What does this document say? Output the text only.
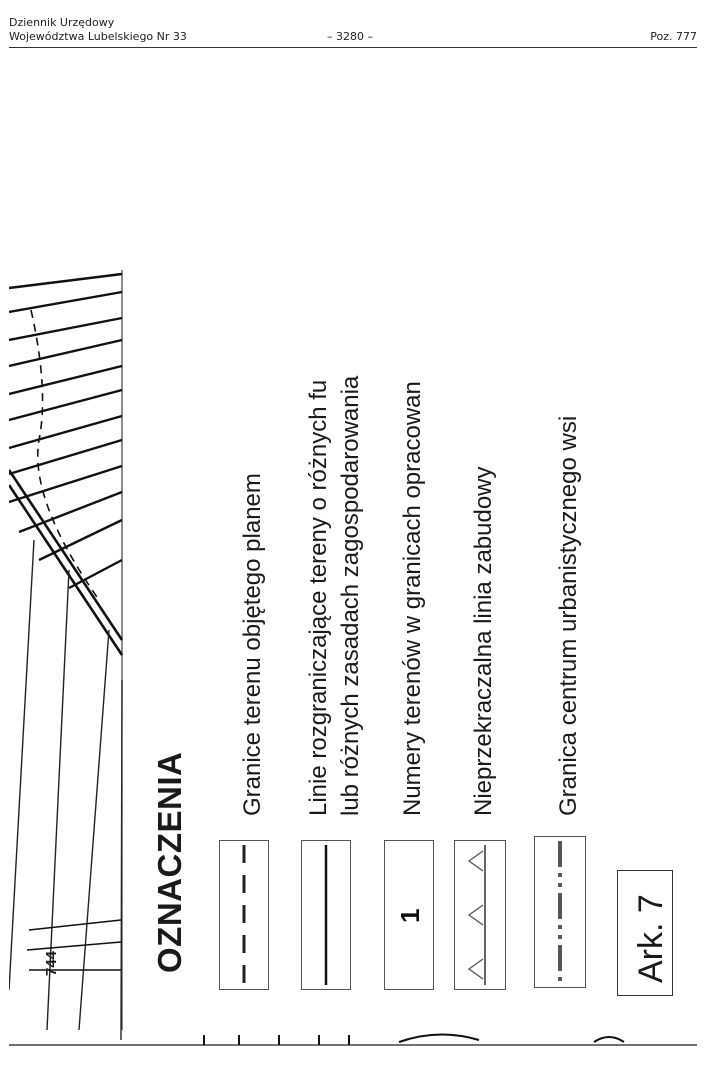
Dziennik Urzędowy
Województwa Lubelskiego Nr 33	– 3280 –	Poz. 777
744	OZNACZENIA
Granice terenu objętego planem Linie rozgraniczające tereny o różnych fu lub różnych zasadach zagospodarowania
1
Numery terenów w granicach opracowan Nieprzekraczalna linia zabudowy Granica centrum urbanistycznego wsi
Ark. 7
